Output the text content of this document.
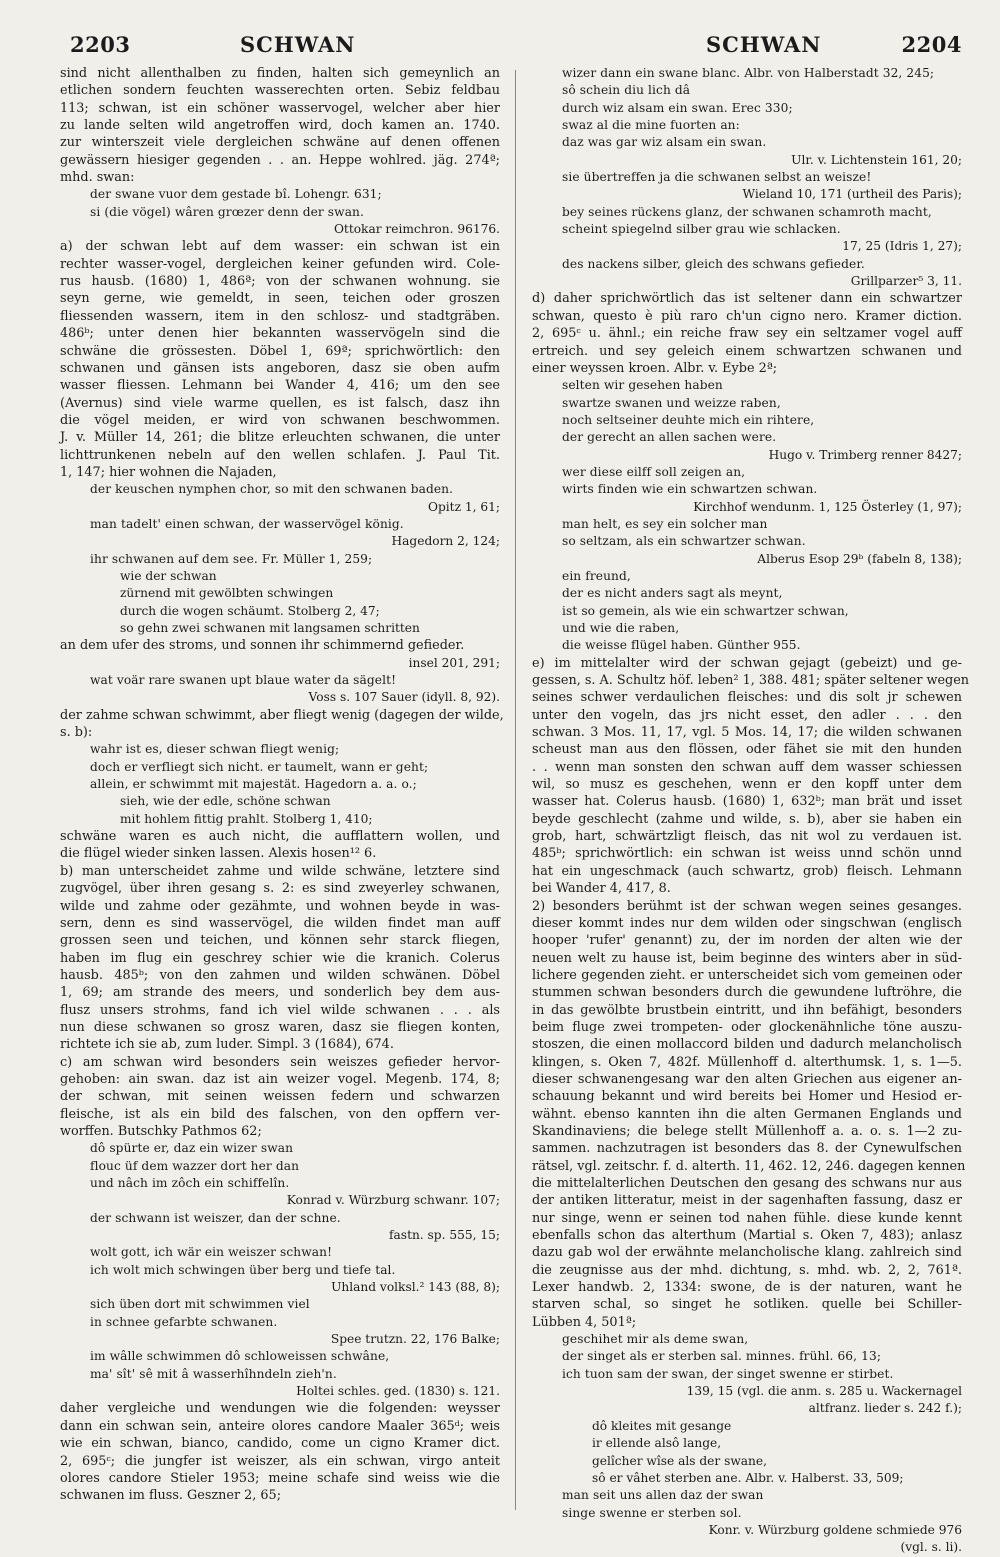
2203	SCHWAN	SCHWAN	2204
sind nicht allenthalben zu finden, halten sich gemeynlich an
etlichen sondern feuchten wasserechten orten. Sebiz feldbau
113; schwan, ist ein schöner wasservogel, welcher aber hier
zu lande selten wild angetroffen wird, doch kamen an. 1740.
zur winterszeit viele dergleichen schwäne auf denen offenen
gewässern hiesiger gegenden . . an. Heppe wohlred. jäg. 274ª;
mhd. swan:
der swane vuor dem gestade bî. Lohengr. 631;
si (die vögel) wâren grœzer denn der swan.
Ottokar reimchron. 96176.
a) der schwan lebt auf dem wasser: ein schwan ist ein
rechter wasser-vogel, dergleichen keiner gefunden wird. Cole-
rus hausb. (1680) 1, 486ª; von der schwanen wohnung. sie
seyn gerne, wie gemeldt, in seen, teichen oder groszen
fliessenden wassern, item in den schlosz- und stadtgräben.
486ᵇ; unter denen hier bekannten wasservögeln sind die
schwäne die grössesten. Döbel 1, 69ª; sprichwörtlich: den
schwanen und gänsen ists angeboren, dasz sie oben aufm
wasser fliessen. Lehmann bei Wander 4, 416; um den see
(Avernus) sind viele warme quellen, es ist falsch, dasz ihn
die vögel meiden, er wird von schwanen beschwommen.
J. v. Müller 14, 261; die blitze erleuchten schwanen, die unter
lichttrunkenen nebeln auf den wellen schlafen. J. Paul Tit.
1, 147; hier wohnen die Najaden,
der keuschen nymphen chor, so mit den schwanen baden.
Opitz 1, 61;
man tadelt' einen schwan, der wasservögel könig.
Hagedorn 2, 124;
ihr schwanen auf dem see. Fr. Müller 1, 259;
wie der schwan
zürnend mit gewölbten schwingen
durch die wogen schäumt. Stolberg 2, 47;
so gehn zwei schwanen mit langsamen schritten
an dem ufer des stroms, und sonnen ihr schimmernd gefieder.
insel 201, 291;
wat voär rare swanen upt blaue water da sägelt!
Voss s. 107 Sauer (idyll. 8, 92).
der zahme schwan schwimmt, aber fliegt wenig (dagegen der wilde,
s. b):
wahr ist es, dieser schwan fliegt wenig;
doch er verfliegt sich nicht. er taumelt, wann er geht;
allein, er schwimmt mit majestät. Hagedorn a. a. o.;
sieh, wie der edle, schöne schwan
mit hohlem fittig prahlt. Stolberg 1, 410;
schwäne waren es auch nicht, die aufflattern wollen, und
die flügel wieder sinken lassen. Alexis hosen¹² 6.
b) man unterscheidet zahme und wilde schwäne, letztere sind
zugvögel, über ihren gesang s. 2: es sind zweyerley schwanen,
wilde und zahme oder gezähmte, und wohnen beyde in was-
sern, denn es sind wasservögel, die wilden findet man auff
grossen seen und teichen, und können sehr starck fliegen,
haben im flug ein geschrey schier wie die kranich. Colerus
hausb. 485ᵇ; von den zahmen und wilden schwänen. Döbel
1, 69; am strande des meers, und sonderlich bey dem aus-
flusz unsers strohms, fand ich viel wilde schwanen . . . als
nun diese schwanen so grosz waren, dasz sie fliegen konten,
richtete ich sie ab, zum luder. Simpl. 3 (1684), 674.
c) am schwan wird besonders sein weiszes gefieder hervor-
gehoben: ain swan. daz ist ain weizer vogel. Megenb. 174, 8;
der schwan, mit seinen weissen federn und schwarzen
fleische, ist als ein bild des falschen, von den opffern ver-
worffen. Butschky Pathmos 62;
dô spürte er, daz ein wizer swan
flouc üf dem wazzer dort her dan
und nâch im zôch ein schiffelîn.
Konrad v. Würzburg schwanr. 107;
der schwann ist weiszer, dan der schne.
fastn. sp. 555, 15;
wolt gott, ich wär ein weiszer schwan!
ich wolt mich schwingen über berg und tiefe tal.
Uhland volksl.² 143 (88, 8);
sich üben dort mit schwimmen viel
in schnee gefarbte schwanen.
Spee trutzn. 22, 176 Balke;
im wâlle schwimmen dô schloweissen schwâne,
ma' sît' sê mit â wasserhîhndeln zieh'n.
Holtei schles. ged. (1830) s. 121.
daher vergleiche und wendungen wie die folgenden: weysser
dann ein schwan sein, anteire olores candore Maaler 365ᵈ; weis
wie ein schwan, bianco, candido, come un cigno Kramer dict.
2, 695ᶜ; die jungfer ist weiszer, als ein schwan, virgo anteit
olores candore Stieler 1953; meine schafe sind weiss wie die
schwanen im fluss. Geszner 2, 65;
wizer dann ein swane blanc. Albr. von Halberstadt 32, 245;
sô schein diu lich dâ
durch wiz alsam ein swan. Erec 330;
swaz al die mine fuorten an:
daz was gar wiz alsam ein swan.
Ulr. v. Lichtenstein 161, 20;
sie übertreffen ja die schwanen selbst an weisze!
Wieland 10, 171 (urtheil des Paris);
bey seines rückens glanz, der schwanen schamroth macht,
scheint spiegelnd silber grau wie schlacken.
17, 25 (Idris 1, 27);
des nackens silber, gleich des schwans gefieder.
Grillparzer⁵ 3, 11.
d) daher sprichwörtlich das ist seltener dann ein schwartzer
schwan, questo è più raro ch'un cigno nero. Kramer diction.
2, 695ᶜ u. ähnl.; ein reiche fraw sey ein seltzamer vogel auff
ertreich. und sey geleich einem schwartzen schwanen und
einer weyssen kroen. Albr. v. Eybe 2ª;
selten wir gesehen haben
swartze swanen und weizze raben,
noch seltseiner deuhte mich ein rihtere,
der gerecht an allen sachen were.
Hugo v. Trimberg renner 8427;
wer diese eilff soll zeigen an,
wirts finden wie ein schwartzen schwan.
Kirchhof wendunm. 1, 125 Österley (1, 97);
man helt, es sey ein solcher man
so seltzam, als ein schwartzer schwan.
Alberus Esop 29ᵇ (fabeln 8, 138);
ein freund,
der es nicht anders sagt als meynt,
ist so gemein, als wie ein schwartzer schwan,
und wie die raben,
die weisse flügel haben. Günther 955.
e) im mittelalter wird der schwan gejagt (gebeizt) und ge-
gessen, s. A. Schultz höf. leben² 1, 388. 481; später seltener wegen
seines schwer verdaulichen fleisches: und dis solt jr schewen
unter den vogeln, das jrs nicht esset, den adler . . . den
schwan. 3 Mos. 11, 17, vgl. 5 Mos. 14, 17; die wilden schwanen
scheust man aus den flössen, oder fähet sie mit den hunden
. . wenn man sonsten den schwan auff dem wasser schiessen
wil, so musz es geschehen, wenn er den kopff unter dem
wasser hat. Colerus hausb. (1680) 1, 632ᵇ; man brät und isset
beyde geschlecht (zahme und wilde, s. b), aber sie haben ein
grob, hart, schwärtzligt fleisch, das nit wol zu verdauen ist.
485ᵇ; sprichwörtlich: ein schwan ist weiss unnd schön unnd
hat ein ungeschmack (auch schwartz, grob) fleisch. Lehmann
bei Wander 4, 417, 8.
2) besonders berühmt ist der schwan wegen seines gesanges.
dieser kommt indes nur dem wilden oder singschwan (englisch
hooper 'rufer' genannt) zu, der im norden der alten wie der
neuen welt zu hause ist, beim beginne des winters aber in süd-
lichere gegenden zieht. er unterscheidet sich vom gemeinen oder
stummen schwan besonders durch die gewundene luftröhre, die
in das gewölbte brustbein eintritt, und ihn befähigt, besonders
beim fluge zwei trompeten- oder glockenähnliche töne auszu-
stoszen, die einen mollaccord bilden und dadurch melancholisch
klingen, s. Oken 7, 482f. Müllenhoff d. alterthumsk. 1, s. 1—5.
dieser schwanengesang war den alten Griechen aus eigener an-
schauung bekannt und wird bereits bei Homer und Hesiod er-
wähnt. ebenso kannten ihn die alten Germanen Englands und
Skandinaviens; die belege stellt Müllenhoff a. a. o. s. 1—2 zu-
sammen. nachzutragen ist besonders das 8. der Cynewulfschen
rätsel, vgl. zeitschr. f. d. alterth. 11, 462. 12, 246. dagegen kennen
die mittelalterlichen Deutschen den gesang des schwans nur aus
der antiken litteratur, meist in der sagenhaften fassung, dasz er
nur singe, wenn er seinen tod nahen fühle. diese kunde kennt
ebenfalls schon das alterthum (Martial s. Oken 7, 483); anlasz
dazu gab wol der erwähnte melancholische klang. zahlreich sind
die zeugnisse aus der mhd. dichtung, s. mhd. wb. 2, 2, 761ª.
Lexer handwb. 2, 1334: swone, de is der naturen, want he
starven schal, so singet he sotliken. quelle bei Schiller-
Lübben 4, 501ª;
geschihet mir als deme swan,
der singet als er sterben sal. minnes. frühl. 66, 13;
ich tuon sam der swan, der singet swenne er stirbet.
139, 15 (vgl. die anm. s. 285 u. Wackernagel
altfranz. lieder s. 242 f.);
dô kleites mit gesange
ir ellende alsô lange,
gelîcher wîse als der swane,
sô er vâhet sterben ane. Albr. v. Halberst. 33, 509;
man seit uns allen daz der swan
singe swenne er sterben sol.
Konr. v. Würzburg goldene schmiede 976
(vgl. s. li).
